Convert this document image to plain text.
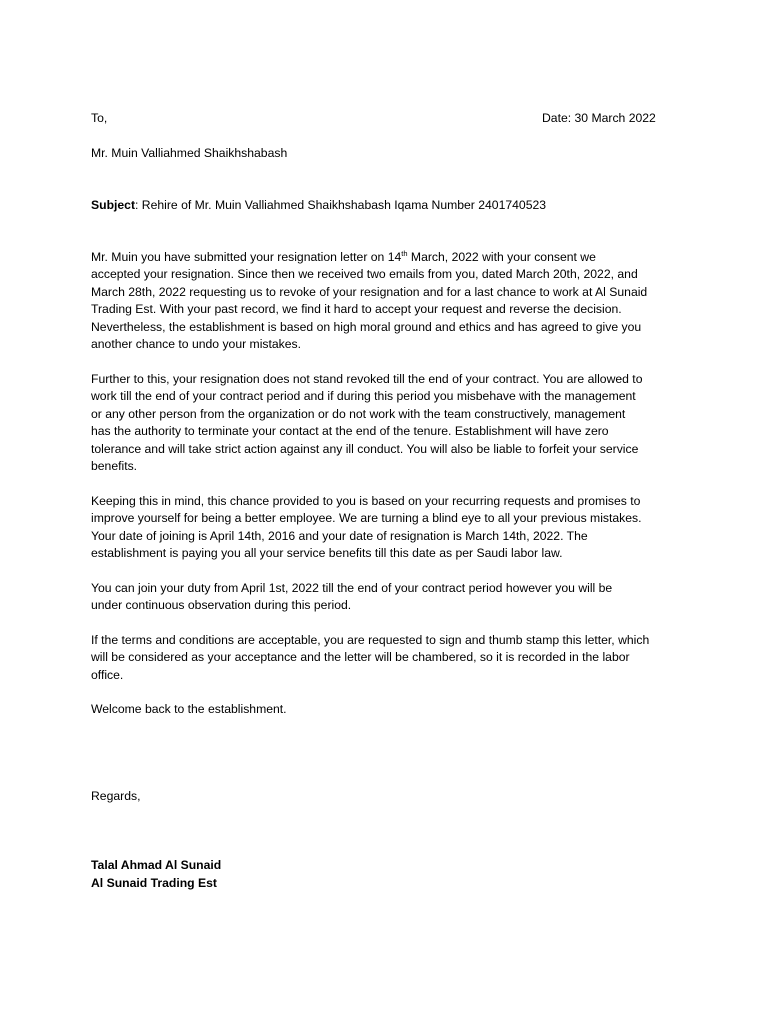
To,	Date: 30 March 2022
Mr. Muin Valliahmed Shaikhshabash
Subject: Rehire of Mr. Muin Valliahmed Shaikhshabash Iqama Number 2401740523
Mr. Muin you have submitted your resignation letter on 14th March, 2022 with your consent we
accepted your resignation. Since then we received two emails from you, dated March 20th, 2022, and
March 28th, 2022 requesting us to revoke of your resignation and for a last chance to work at Al Sunaid
Trading Est. With your past record, we find it hard to accept your request and reverse the decision.
Nevertheless, the establishment is based on high moral ground and ethics and has agreed to give you
another chance to undo your mistakes.
Further to this, your resignation does not stand revoked till the end of your contract. You are allowed to
work till the end of your contract period and if during this period you misbehave with the management
or any other person from the organization or do not work with the team constructively, management
has the authority to terminate your contact at the end of the tenure. Establishment will have zero
tolerance and will take strict action against any ill conduct. You will also be liable to forfeit your service
benefits.
Keeping this in mind, this chance provided to you is based on your recurring requests and promises to
improve yourself for being a better employee. We are turning a blind eye to all your previous mistakes.
Your date of joining is April 14th, 2016 and your date of resignation is March 14th, 2022. The
establishment is paying you all your service benefits till this date as per Saudi labor law.
You can join your duty from April 1st, 2022 till the end of your contract period however you will be
under continuous observation during this period.
If the terms and conditions are acceptable, you are requested to sign and thumb stamp this letter, which
will be considered as your acceptance and the letter will be chambered, so it is recorded in the labor
office.
Welcome back to the establishment.
Regards,
Talal Ahmad Al Sunaid
Al Sunaid Trading Est
